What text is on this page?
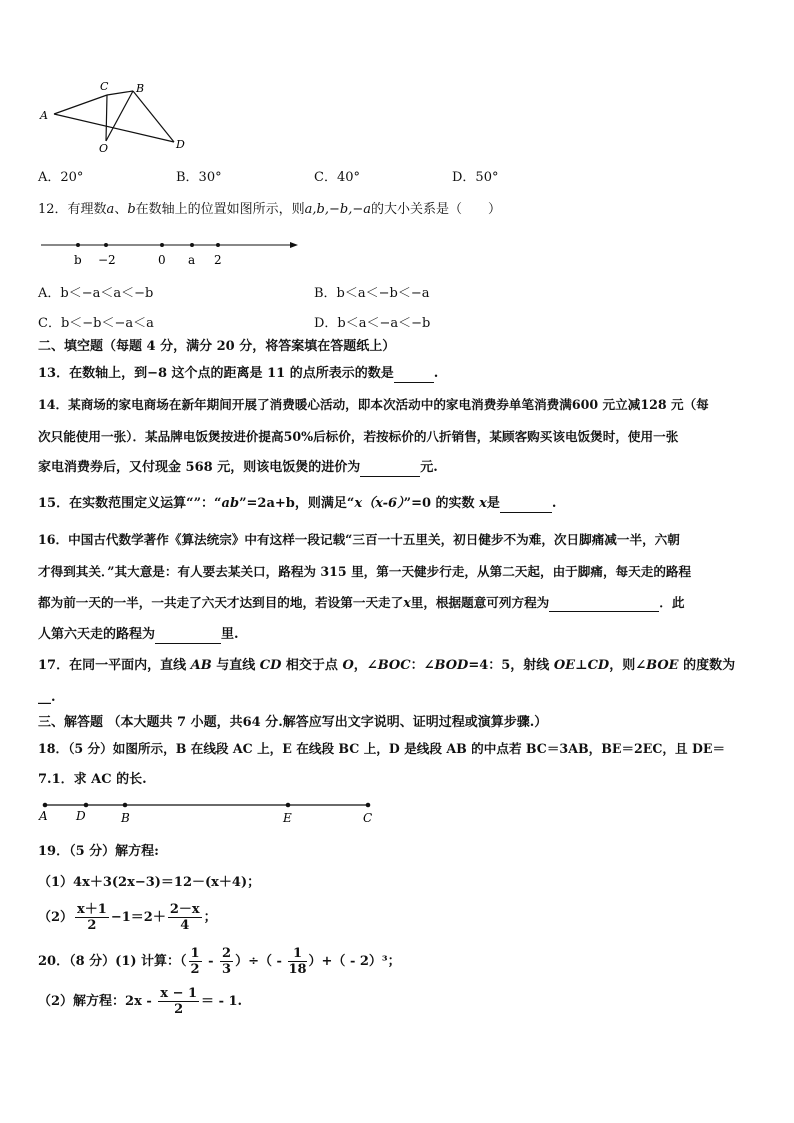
A
C	B
O	D
A．20°	B．30°	C．40°	D．50°
12．有理数a、b在数轴上的位置如图所示，则a,b,−b,−a的大小关系是（　　）
b −2	0 a 2
A．b＜−a＜a＜−b	B．b＜a＜−b＜−a
C．b＜−b＜−a＜a	D．b＜a＜−a＜−b
二、填空题（每题 4 分，满分 20 分，将答案填在答题纸上）
13．在数轴上，到−8 这个点的距离是 11 的点所表示的数是	.
14．某商场的家电商场在新年期间开展了消费暖心活动，即本次活动中的家电消费券单笔消费满600 元立减128 元（每
次只能使用一张）．某品牌电饭煲按进价提高50%后标价，若按标价的八折销售，某顾客购买该电饭煲时，使用一张
家电消费券后，又付现金 568 元，则该电饭煲的进价为	元.
15．在实数范围定义运算“”：“ab”=2a+b，则满足“x（x-6）”=0 的实数 x是	.
16．中国古代数学著作《算法统宗》中有这样一段记载“三百一十五里关，初日健步不为难，次日脚痛减一半，六朝
才得到其关．”其大意是：有人要去某关口，路程为 315 里，第一天健步行走，从第二天起，由于脚痛，每天走的路程
都为前一天的一半，一共走了六天才达到目的地，若设第一天走了x里，根据题意可列方程为	．此
人第六天走的路程为	里.
17．在同一平面内，直线 AB 与直线 CD 相交于点 O，∠BOC：∠BOD=4：5，射线 OE⊥CD，则∠BOE 的度数为
__.
三、解答题 （本大题共 7 小题，共64 分.解答应写出文字说明、证明过程或演算步骤.）
18．（5 分）如图所示，B 在线段 AC 上，E 在线段 BC 上，D 是线段 AB 的中点若 BC＝3AB，BE＝2EC，且 DE＝
7.1．求 AC 的长.
A D	B	E	C
19．（5 分）解方程:
（1）4x＋3(2x−3)＝12－(x＋4)；
$(2) \frac{x+1}{2} -1=2+ \frac{2-x}{4}$ ；
20．（8 分）(1) 计算：（ $\frac{1}{2} - \frac{2}{3}$ ）÷（ - $\frac{1}{18}$ ）+（ - 2）³；
（2）解方程：$2x - \frac{x - 1}{2}$ ＝ - 1.
